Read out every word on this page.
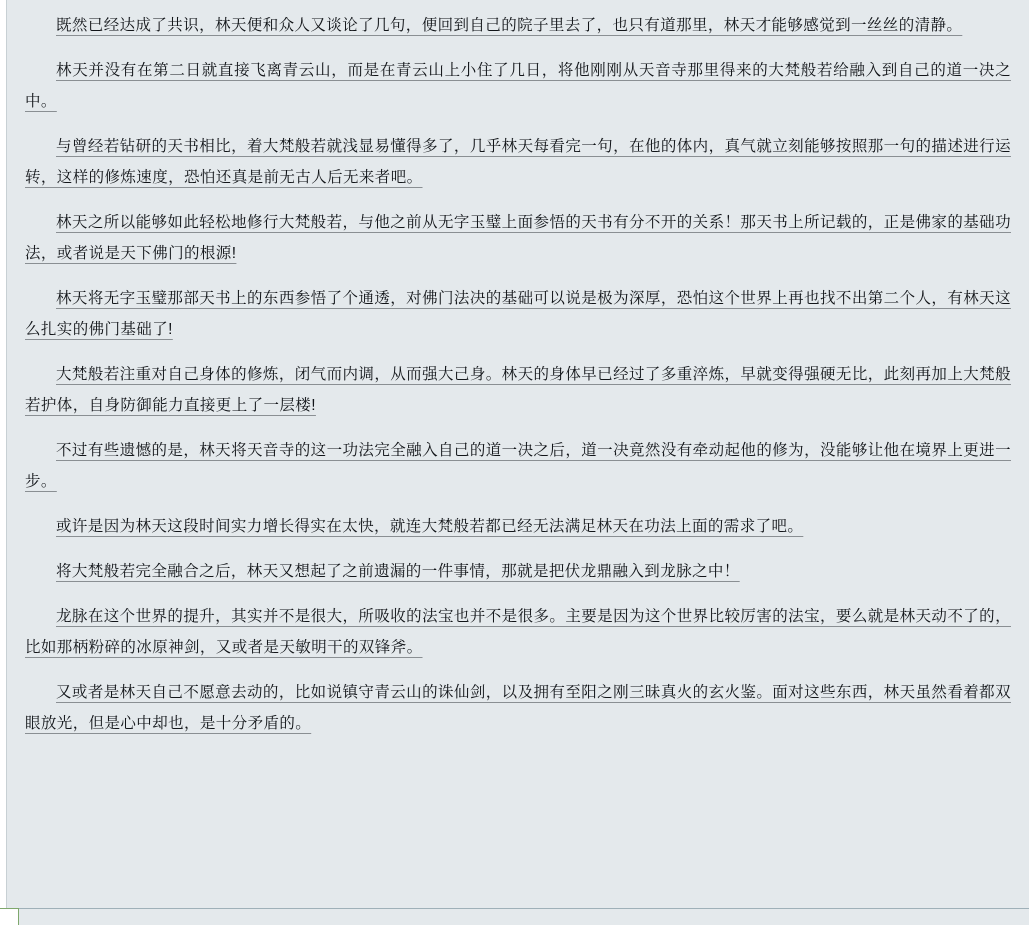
既然已经达成了共识，林天便和众人又谈论了几句，便回到自己的院子里去了，也只有道那里，林天才能够感觉到一丝丝的清静。

林天并没有在第二日就直接飞离青云山，而是在青云山上小住了几日，将他刚刚从天音寺那里得来的大梵般若给融入到自己的道一决之中。

与曾经若钻研的天书相比，着大梵般若就浅显易懂得多了，几乎林天每看完一句，在他的体内，真气就立刻能够按照那一句的描述进行运转，这样的修炼速度，恐怕还真是前无古人后无来者吧。

林天之所以能够如此轻松地修行大梵般若，与他之前从无字玉璧上面参悟的天书有分不开的关系！那天书上所记载的，正是佛家的基础功法，或者说是天下佛门的根源!

林天将无字玉璧那部天书上的东西参悟了个通透，对佛门法决的基础可以说是极为深厚，恐怕这个世界上再也找不出第二个人，有林天这么扎实的佛门基础了!

大梵般若注重对自己身体的修炼，闭气而内调，从而强大己身。林天的身体早已经过了多重淬炼，早就变得强硬无比，此刻再加上大梵般若护体，自身防御能力直接更上了一层楼!

不过有些遗憾的是，林天将天音寺的这一功法完全融入自己的道一决之后，道一决竟然没有牵动起他的修为，没能够让他在境界上更进一步。

或许是因为林天这段时间实力增长得实在太快，就连大梵般若都已经无法满足林天在功法上面的需求了吧。

将大梵般若完全融合之后，林天又想起了之前遗漏的一件事情，那就是把伏龙鼎融入到龙脉之中！

龙脉在这个世界的提升，其实并不是很大，所吸收的法宝也并不是很多。主要是因为这个世界比较厉害的法宝，要么就是林天动不了的，比如那柄粉碎的冰原神剑，又或者是天敏明干的双锋斧。

又或者是林天自己不愿意去动的，比如说镇守青云山的诛仙剑，以及拥有至阳之刚三昧真火的玄火鉴。面对这些东西，林天虽然看着都双眼放光，但是心中却也，是十分矛盾的。
